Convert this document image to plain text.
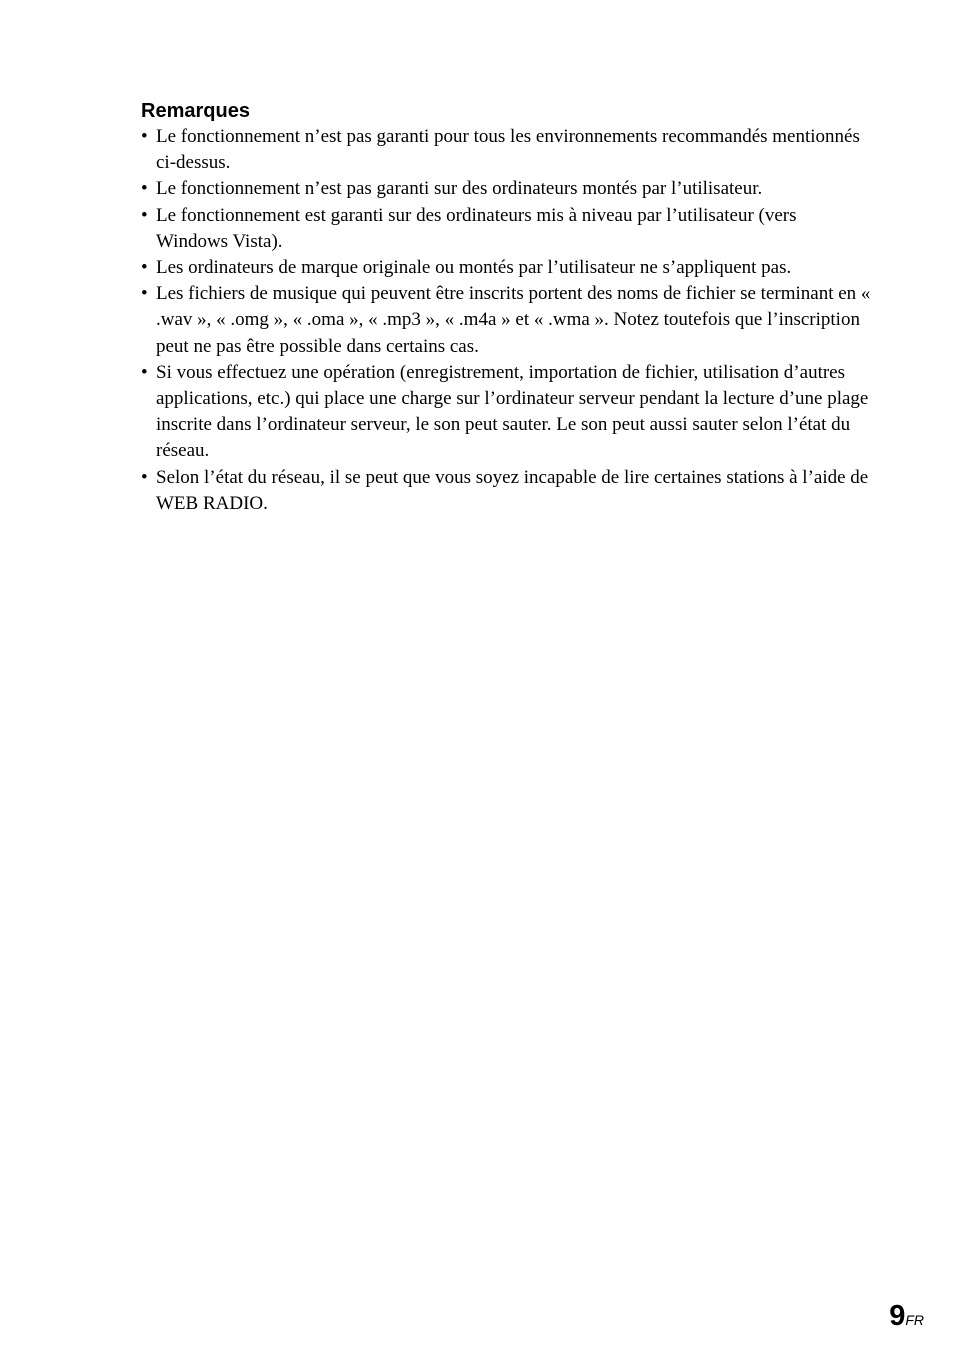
Remarques
• Le fonctionnement n’est pas garanti pour tous les environnements recommandés mentionnés ci-dessus.
• Le fonctionnement n’est pas garanti sur des ordinateurs montés par l’utilisateur.
• Le fonctionnement est garanti sur des ordinateurs mis à niveau par l’utilisateur (vers Windows Vista).
• Les ordinateurs de marque originale ou montés par l’utilisateur ne s’appliquent pas.
• Les fichiers de musique qui peuvent être inscrits portent des noms de fichier se terminant en « .wav », « .omg », « .oma », « .mp3 », « .m4a » et « .wma ». Notez toutefois que l’inscription peut ne pas être possible dans certains cas.
• Si vous effectuez une opération (enregistrement, importation de fichier, utilisation d’autres applications, etc.) qui place une charge sur l’ordinateur serveur pendant la lecture d’une plage inscrite dans l’ordinateur serveur, le son peut sauter. Le son peut aussi sauter selon l’état du réseau.
• Selon l’état du réseau, il se peut que vous soyez incapable de lire certaines stations à l’aide de WEB RADIO.
9FR
